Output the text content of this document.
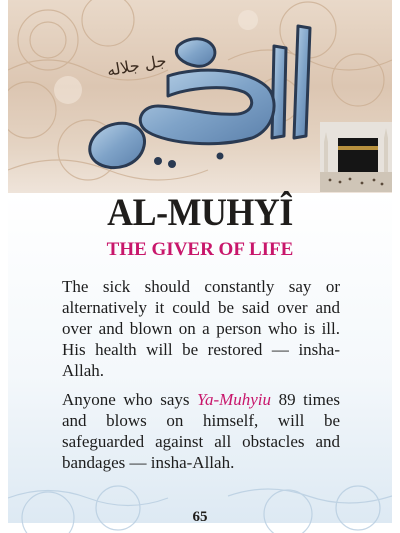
جل جلاله
AL-MUHYÎ
THE GIVER OF LIFE

The sick should constantly say or alternatively it could be said over and over and blown on a person who is ill. His health will be restored — insha-Allah.

Anyone who says Ya-Muhyiu 89 times and blows on himself, will be safeguarded against all obstacles and bandages — insha-Allah.

65
